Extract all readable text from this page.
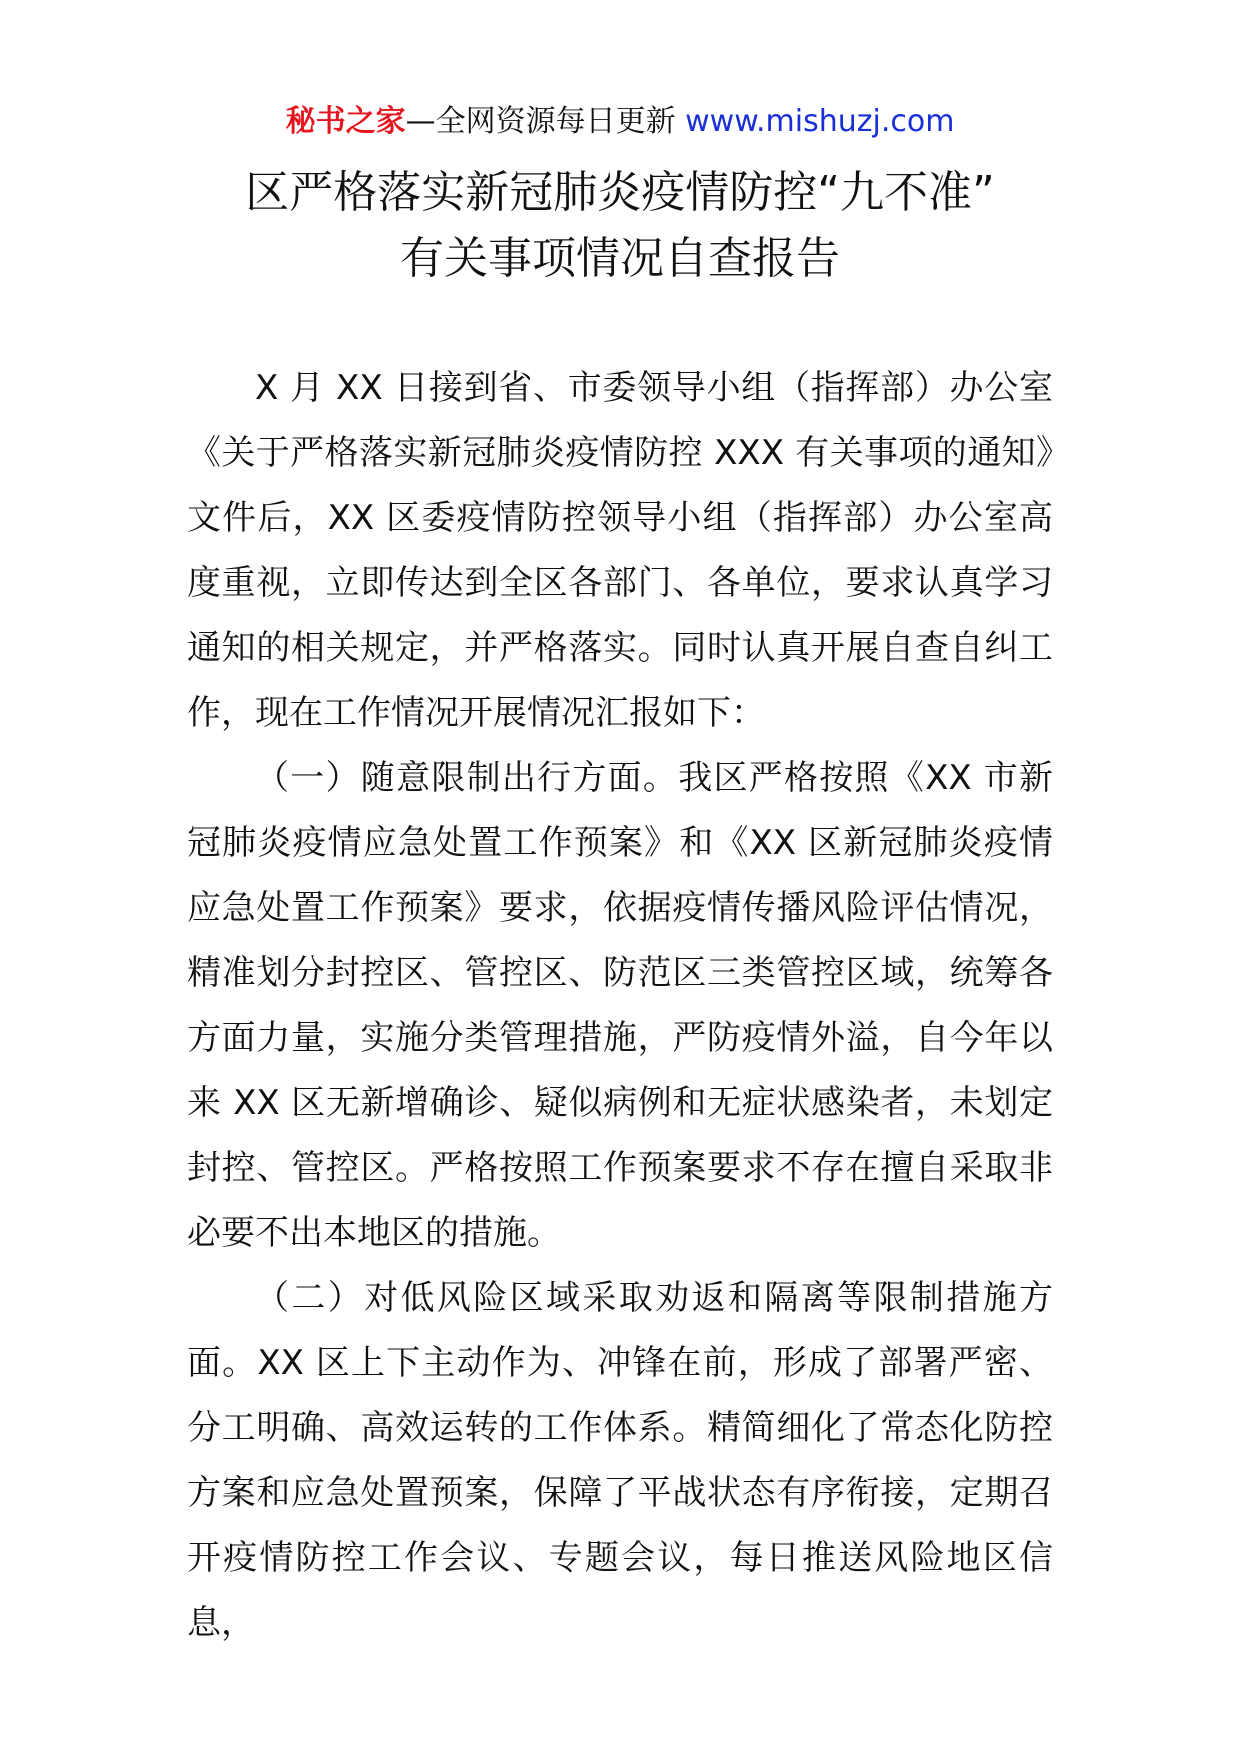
秘书之家—全网资源每日更新 www.mishuzj.com
区严格落实新冠肺炎疫情防控“九不准”
有关事项情况自查报告

X 月 XX 日接到省、市委领导小组（指挥部）办公室《关于严格落实新冠肺炎疫情防控 XXX 有关事项的通知》文件后，XX 区委疫情防控领导小组（指挥部）办公室高度重视，立即传达到全区各部门、各单位，要求认真学习通知的相关规定，并严格落实。同时认真开展自查自纠工作，现在工作情况开展情况汇报如下：

（一）随意限制出行方面。我区严格按照《XX 市新冠肺炎疫情应急处置工作预案》和《XX 区新冠肺炎疫情应急处置工作预案》要求，依据疫情传播风险评估情况，精准划分封控区、管控区、防范区三类管控区域，统筹各方面力量，实施分类管理措施，严防疫情外溢，自今年以来 XX 区无新增确诊、疑似病例和无症状感染者，未划定封控、管控区。严格按照工作预案要求不存在擅自采取非必要不出本地区的措施。

（二）对低风险区域采取劝返和隔离等限制措施方面。XX 区上下主动作为、冲锋在前，形成了部署严密、分工明确、高效运转的工作体系。精简细化了常态化防控方案和应急处置预案，保障了平战状态有序衔接，定期召开疫情防控工作会议、专题会议，每日推送风险地区信息，
